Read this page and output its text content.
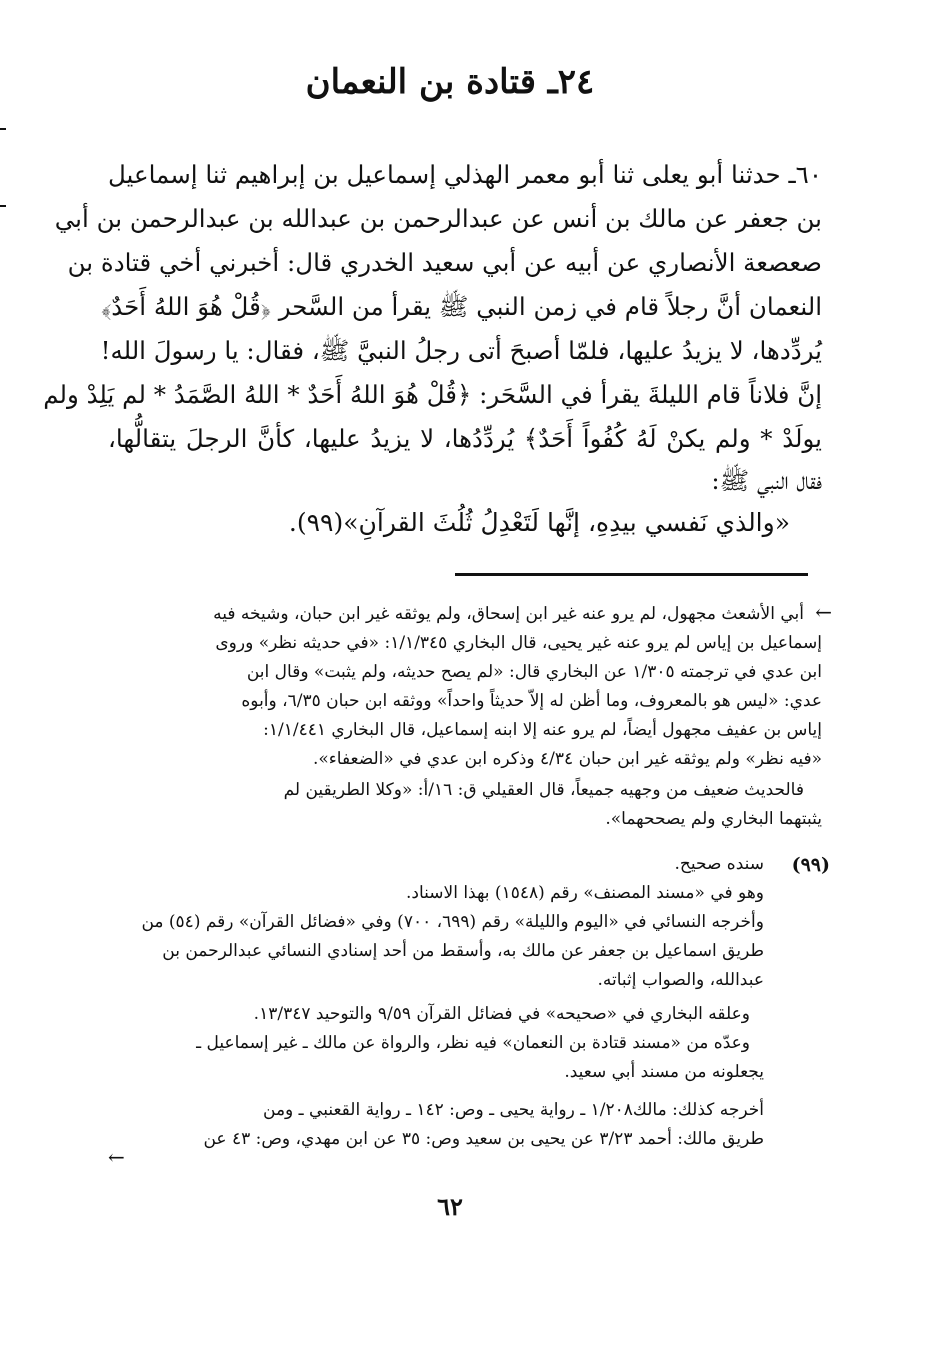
٢٤ـ قتادة بن النعمان
٦٠ـ حدثنا أبو يعلى ثنا أبو معمر الهذلي إسماعيل بن إبراهيم ثنا إسماعيل
بن جعفر عن مالك بن أنس عن عبدالرحمن بن عبدالله بن عبدالرحمن بن أبي
صعصعة الأنصاري عن أبيه عن أبي سعيد الخدري قال: أخبرني أخي قتادة بن
النعمان أنَّ رجلاً قام في زمن النبي ﷺ يقرأ من السَّحر ﴿قُلْ هُوَ اللهُ أَحَدٌ﴾
يُردِّدها، لا يزيدُ عليها، فلمّا أصبحَ أتى رجلُ النبيَّ ﷺ، فقال: يا رسولَ الله!
إنَّ فلاناً قام الليلةَ يقرأ في السَّحَر: ﴿قُلْ هُوَ اللهُ أَحَدٌ * اللهُ الصَّمَدُ * لم يَلِدْ ولم
يولَدْ * ولم يكنْ لَهُ كُفُواً أَحَدٌ﴾ يُردِّدُها، لا يزيدُ عليها، كأنَّ الرجلَ يتقالُّها،
فقال النبي ﷺ:
«والذي نَفسي بيدِهِ، إنَّها لَتَعْدِلُ ثُلُثَ القرآنِ»(٩٩).
←
أبي الأشعث مجهول، لم يرو عنه غير ابن إسحاق، ولم يوثقه غير ابن حبان، وشيخه فيه
إسماعيل بن إياس لم يرو عنه غير يحيى، قال البخاري ١/١/٣٤٥: «في حديثه نظر» وروى
ابن عدي في ترجمته ١/٣٠٥ عن البخاري قال: «لم يصح حديثه، ولم يثبت» وقال ابن
عدي: «ليس هو بالمعروف، وما أظن له إلاّ حديثاً واحداً» ووثقه ابن حبان ٦/٣٥، وأبوه
إياس بن عفيف مجهول أيضاً، لم يرو عنه إلا ابنه إسماعيل، قال البخاري ١/١/٤٤١:
«فيه نظر» ولم يوثقه غير ابن حبان ٤/٣٤ وذكره ابن عدي في «الضعفاء».
فالحديث ضعيف من وجهيه جميعاً، قال العقيلي ق: ١٦/أ: «وكلا الطريقين لم
يثبتهما البخاري ولم يصححهما».
(٩٩)
سنده صحيح.
وهو في «مسند المصنف» رقم (١٥٤٨) بهذا الاسناد.
وأخرجه النسائي في «اليوم والليلة» رقم (٦٩٩، ٧٠٠) وفي «فضائل القرآن» رقم (٥٤) من
طريق اسماعيل بن جعفر عن مالك به، وأسقط من أحد إسنادي النسائي عبدالرحمن بن
عبدالله، والصواب إثباته.
وعلقه البخاري في «صحيحه» في فضائل القرآن ٩/٥٩ والتوحيد ١٣/٣٤٧.
وعدّه من «مسند قتادة بن النعمان» فيه نظر، والرواة عن مالك ـ غير إسماعيل ـ
يجعلونه من مسند أبي سعيد.
أخرجه كذلك: مالك١/٢٠٨ ـ رواية يحيى ـ وص: ١٤٢ ـ رواية القعنبي ـ ومن
طريق مالك: أحمد ٣/٢٣ عن يحيى بن سعيد وص: ٣٥ عن ابن مهدي، وص: ٤٣ عن
←
٦٢
